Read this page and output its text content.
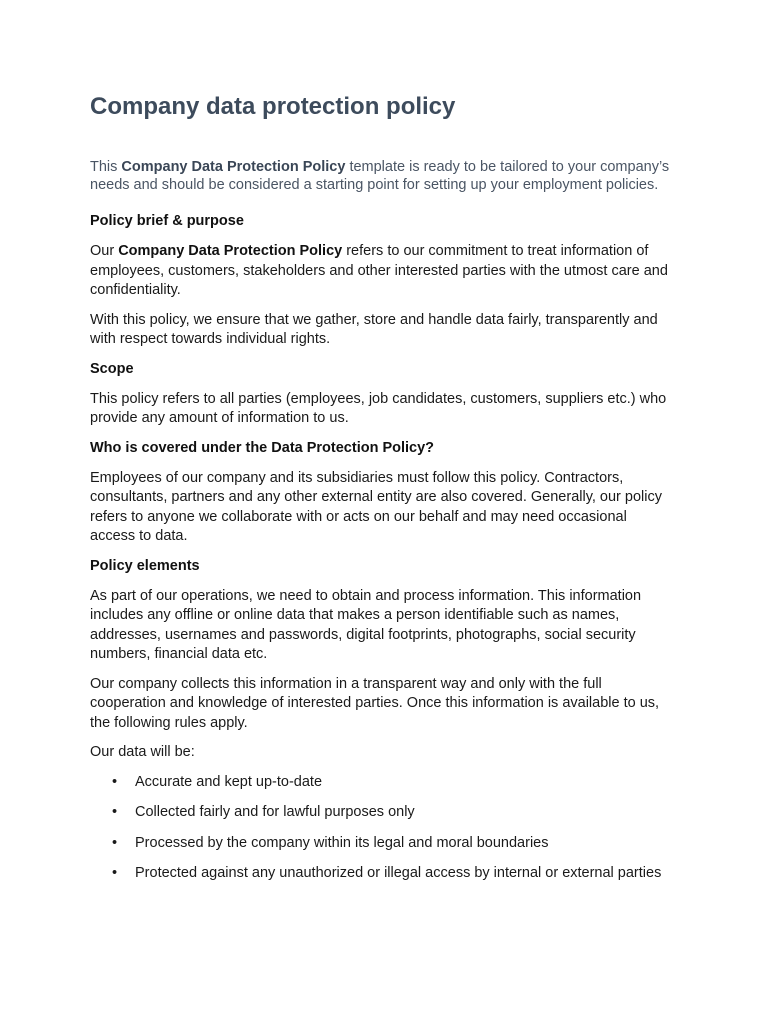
Company data protection policy

This Company Data Protection Policy template is ready to be tailored to your company’s needs and should be considered a starting point for setting up your employment policies.

Policy brief & purpose

Our Company Data Protection Policy refers to our commitment to treat information of employees, customers, stakeholders and other interested parties with the utmost care and confidentiality.

With this policy, we ensure that we gather, store and handle data fairly, transparently and with respect towards individual rights.

Scope

This policy refers to all parties (employees, job candidates, customers, suppliers etc.) who provide any amount of information to us.

Who is covered under the Data Protection Policy?

Employees of our company and its subsidiaries must follow this policy. Contractors, consultants, partners and any other external entity are also covered. Generally, our policy refers to anyone we collaborate with or acts on our behalf and may need occasional access to data.

Policy elements

As part of our operations, we need to obtain and process information. This information includes any offline or online data that makes a person identifiable such as names, addresses, usernames and passwords, digital footprints, photographs, social security numbers, financial data etc.

Our company collects this information in a transparent way and only with the full cooperation and knowledge of interested parties. Once this information is available to us, the following rules apply.

Our data will be:

• Accurate and kept up-to-date
• Collected fairly and for lawful purposes only
• Processed by the company within its legal and moral boundaries
• Protected against any unauthorized or illegal access by internal or external parties
